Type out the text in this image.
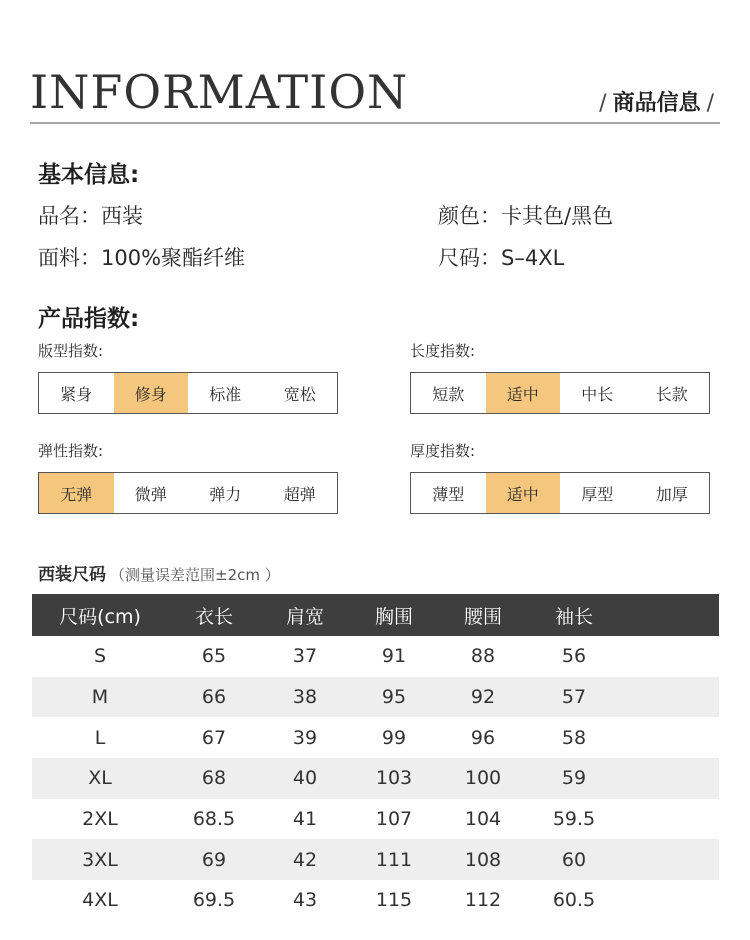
INFORMATION	/ 商品信息 /
基本信息:
品名：西装	颜色：卡其色/黑色
面料：100%聚酯纤维	尺码：S–4XL
产品指数:
版型指数:
紧身	修身	标准	宽松
长度指数:
短款	适中	中长	长款
弹性指数:
无弹	微弹	弹力	超弹
厚度指数:
薄型	适中	厚型	加厚
西装尺码 （测量误差范围±2cm ）
尺码(cm)	衣长	肩宽	胸围	腰围	袖长
S	65	37	91	88	56
M	66	38	95	92	57
L	67	39	99	96	58
XL	68	40	103	100	59
2XL	68.5	41	107	104	59.5
3XL	69	42	111	108	60
4XL	69.5	43	115	112	60.5
